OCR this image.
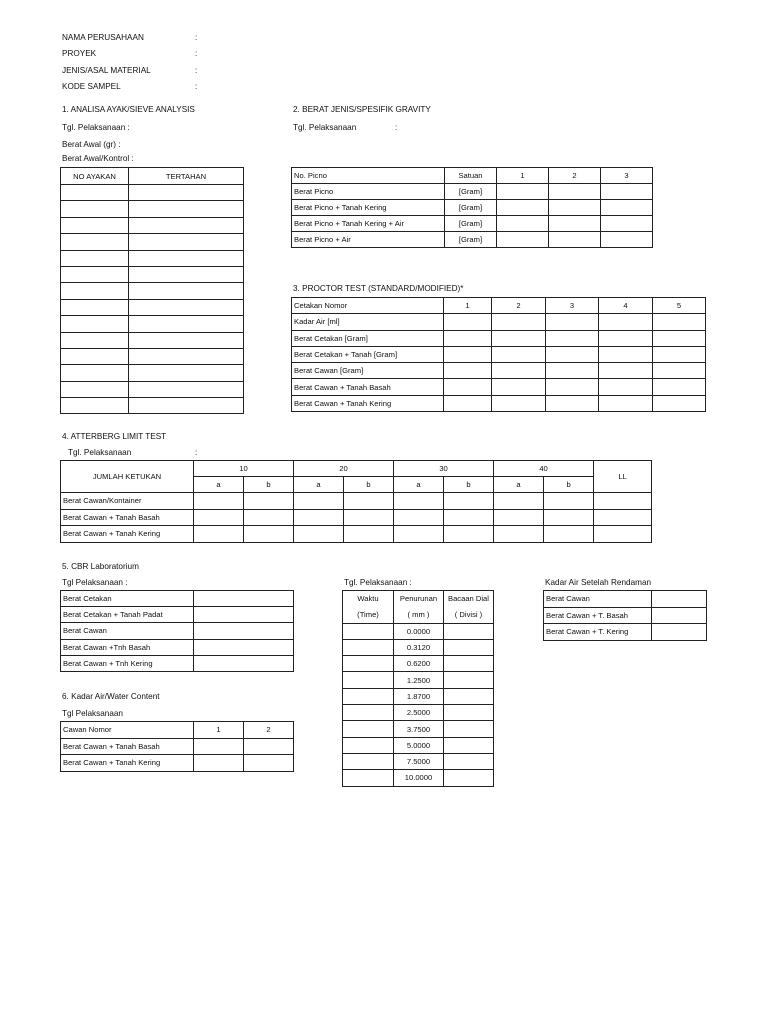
NAMA PERUSAHAAN	:
PROYEK	:
JENIS/ASAL MATERIAL	:
KODE SAMPEL	:
1. ANALISA AYAK/SIEVE ANALYSIS
Tgl. Pelaksanaan :
Berat Awal (gr) :
Berat Awal/Kontrol :
NO AYAKAN	TERTAHAN

2. BERAT JENIS/SPESIFIK GRAVITY
Tgl. Pelaksanaan	:
No. Picno	Satuan	1	2	3
Berat Picno	[Gram]			
Berat Picno + Tanah Kering	[Gram]			
Berat Picno + Tanah Kering + Air	[Gram]			
Berat Picno + Air	[Gram]			
3. PROCTOR TEST (STANDARD/MODIFIED)*
Cetakan Nomor	1	2	3	4	5
Kadar Air [ml]					
Berat Cetakan [Gram]					
Berat Cetakan + Tanah [Gram]					
Berat Cawan [Gram]					
Berat Cawan + Tanah Basah					
Berat Cawan + Tanah Kering					
4. ATTERBERG LIMIT TEST
Tgl. Pelaksanaan	:
JUMLAH KETUKAN	10		20		30		40		LL
	a	b	a	b	a	b	a	b	
Berat Cawan/Kontainer									
Berat Cawan + Tanah Basah									
Berat Cawan + Tanah Kering									
5. CBR Laboratorium
Tgl Pelaksanaan :
Berat Cetakan	
Berat Cetakan + Tanah Padat	
Berat Cawan	
Berat Cawan +Tnh Basah	
Berat Cawan + Tnh Kering	
Tgl. Pelaksanaan :
Waktu	Penurunan	Bacaan Dial
(Time)	( mm )	( Divisi )
	0.0000	
	0.3120	
	0.6200	
	1.2500	
	1.8700	
	2.5000	
	3.7500	
	5.0000	
	7.5000	
	10.0000	
Kadar Air Setelah Rendaman
Berat Cawan	
Berat Cawan + T. Basah	
Berat Cawan + T. Kering	
6. Kadar Air/Water Content
Tgl Pelaksanaan
Cawan Nomor	1	2
Berat Cawan + Tanah Basah		
Berat Cawan + Tanah Kering		
